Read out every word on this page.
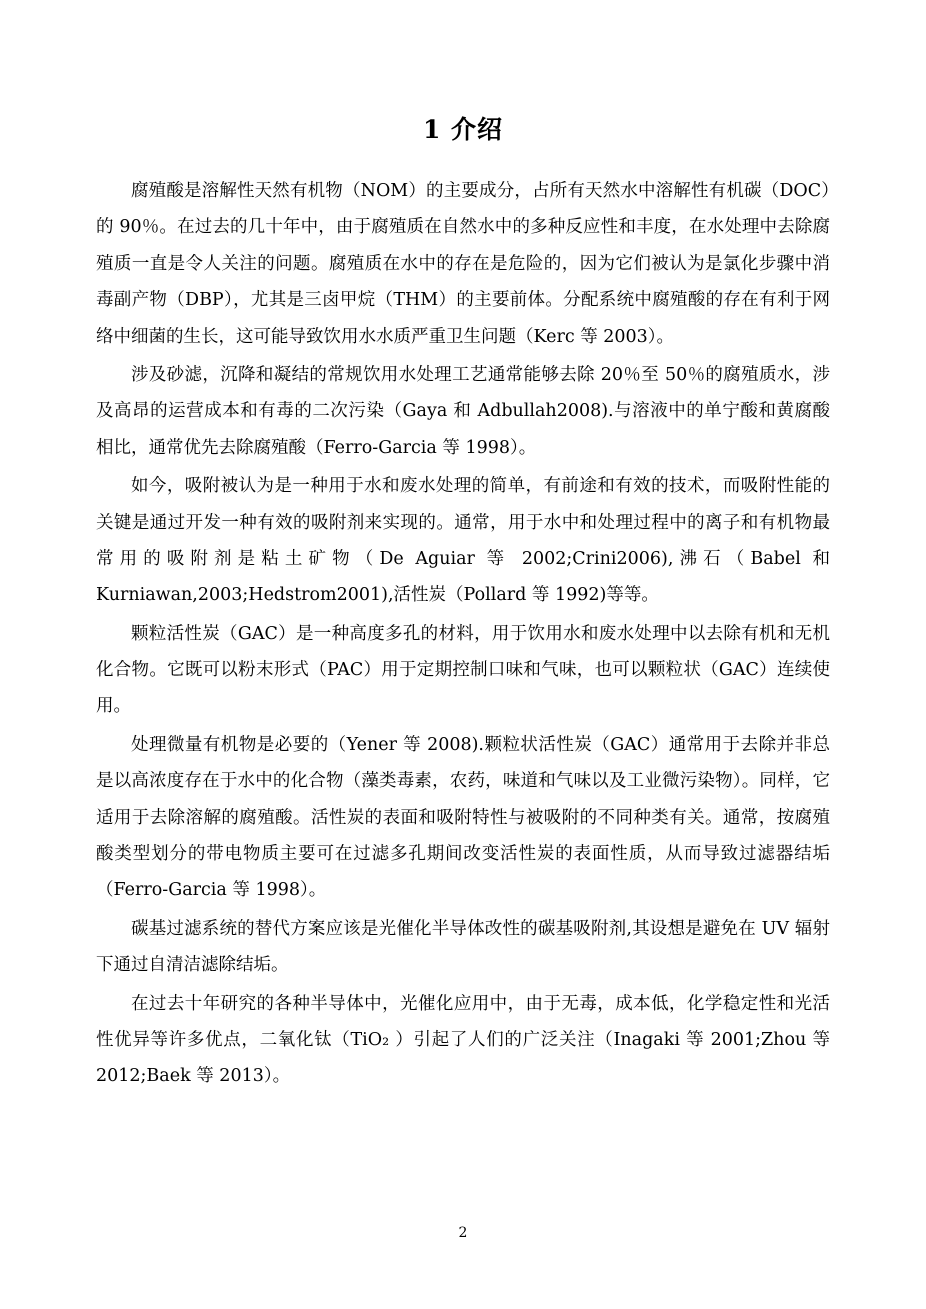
1 介绍

腐殖酸是溶解性天然有机物（NOM）的主要成分，占所有天然水中溶解性有机碳（DOC）的 90％。在过去的几十年中，由于腐殖质在自然水中的多种反应性和丰度，在水处理中去除腐殖质一直是令人关注的问题。腐殖质在水中的存在是危险的，因为它们被认为是氯化步骤中消毒副产物（DBP），尤其是三卤甲烷（THM）的主要前体。分配系统中腐殖酸的存在有利于网络中细菌的生长，这可能导致饮用水水质严重卫生问题（Kerc 等 2003）。

涉及砂滤，沉降和凝结的常规饮用水处理工艺通常能够去除 20％至 50％的腐殖质水，涉及高昂的运营成本和有毒的二次污染（Gaya 和 Adbullah2008).与溶液中的单宁酸和黄腐酸相比，通常优先去除腐殖酸（Ferro-Garcia 等 1998）。

如今，吸附被认为是一种用于水和废水处理的简单，有前途和有效的技术，而吸附性能的关键是通过开发一种有效的吸附剂来实现的。通常，用于水中和处理过程中的离子和有机物最常用的吸附剂是粘土矿物（De Aguiar 等 2002;Crini2006),沸石（Babel 和 Kurniawan,2003;Hedstrom2001),活性炭（Pollard 等 1992)等等。

颗粒活性炭（GAC）是一种高度多孔的材料，用于饮用水和废水处理中以去除有机和无机化合物。它既可以粉末形式（PAC）用于定期控制口味和气味，也可以颗粒状（GAC）连续使用。

处理微量有机物是必要的（Yener 等 2008).颗粒状活性炭（GAC）通常用于去除并非总是以高浓度存在于水中的化合物（藻类毒素，农药，味道和气味以及工业微污染物）。同样，它适用于去除溶解的腐殖酸。活性炭的表面和吸附特性与被吸附的不同种类有关。通常，按腐殖酸类型划分的带电物质主要可在过滤多孔期间改变活性炭的表面性质，从而导致过滤器结垢（Ferro-Garcia 等 1998）。

碳基过滤系统的替代方案应该是光催化半导体改性的碳基吸附剂,其设想是避免在 UV 辐射下通过自清洁滤除结垢。

在过去十年研究的各种半导体中，光催化应用中，由于无毒，成本低，化学稳定性和光活性优异等许多优点，二氧化钛（TiO₂ ）引起了人们的广泛关注（Inagaki 等 2001;Zhou 等 2012;Baek 等 2013）。

2
